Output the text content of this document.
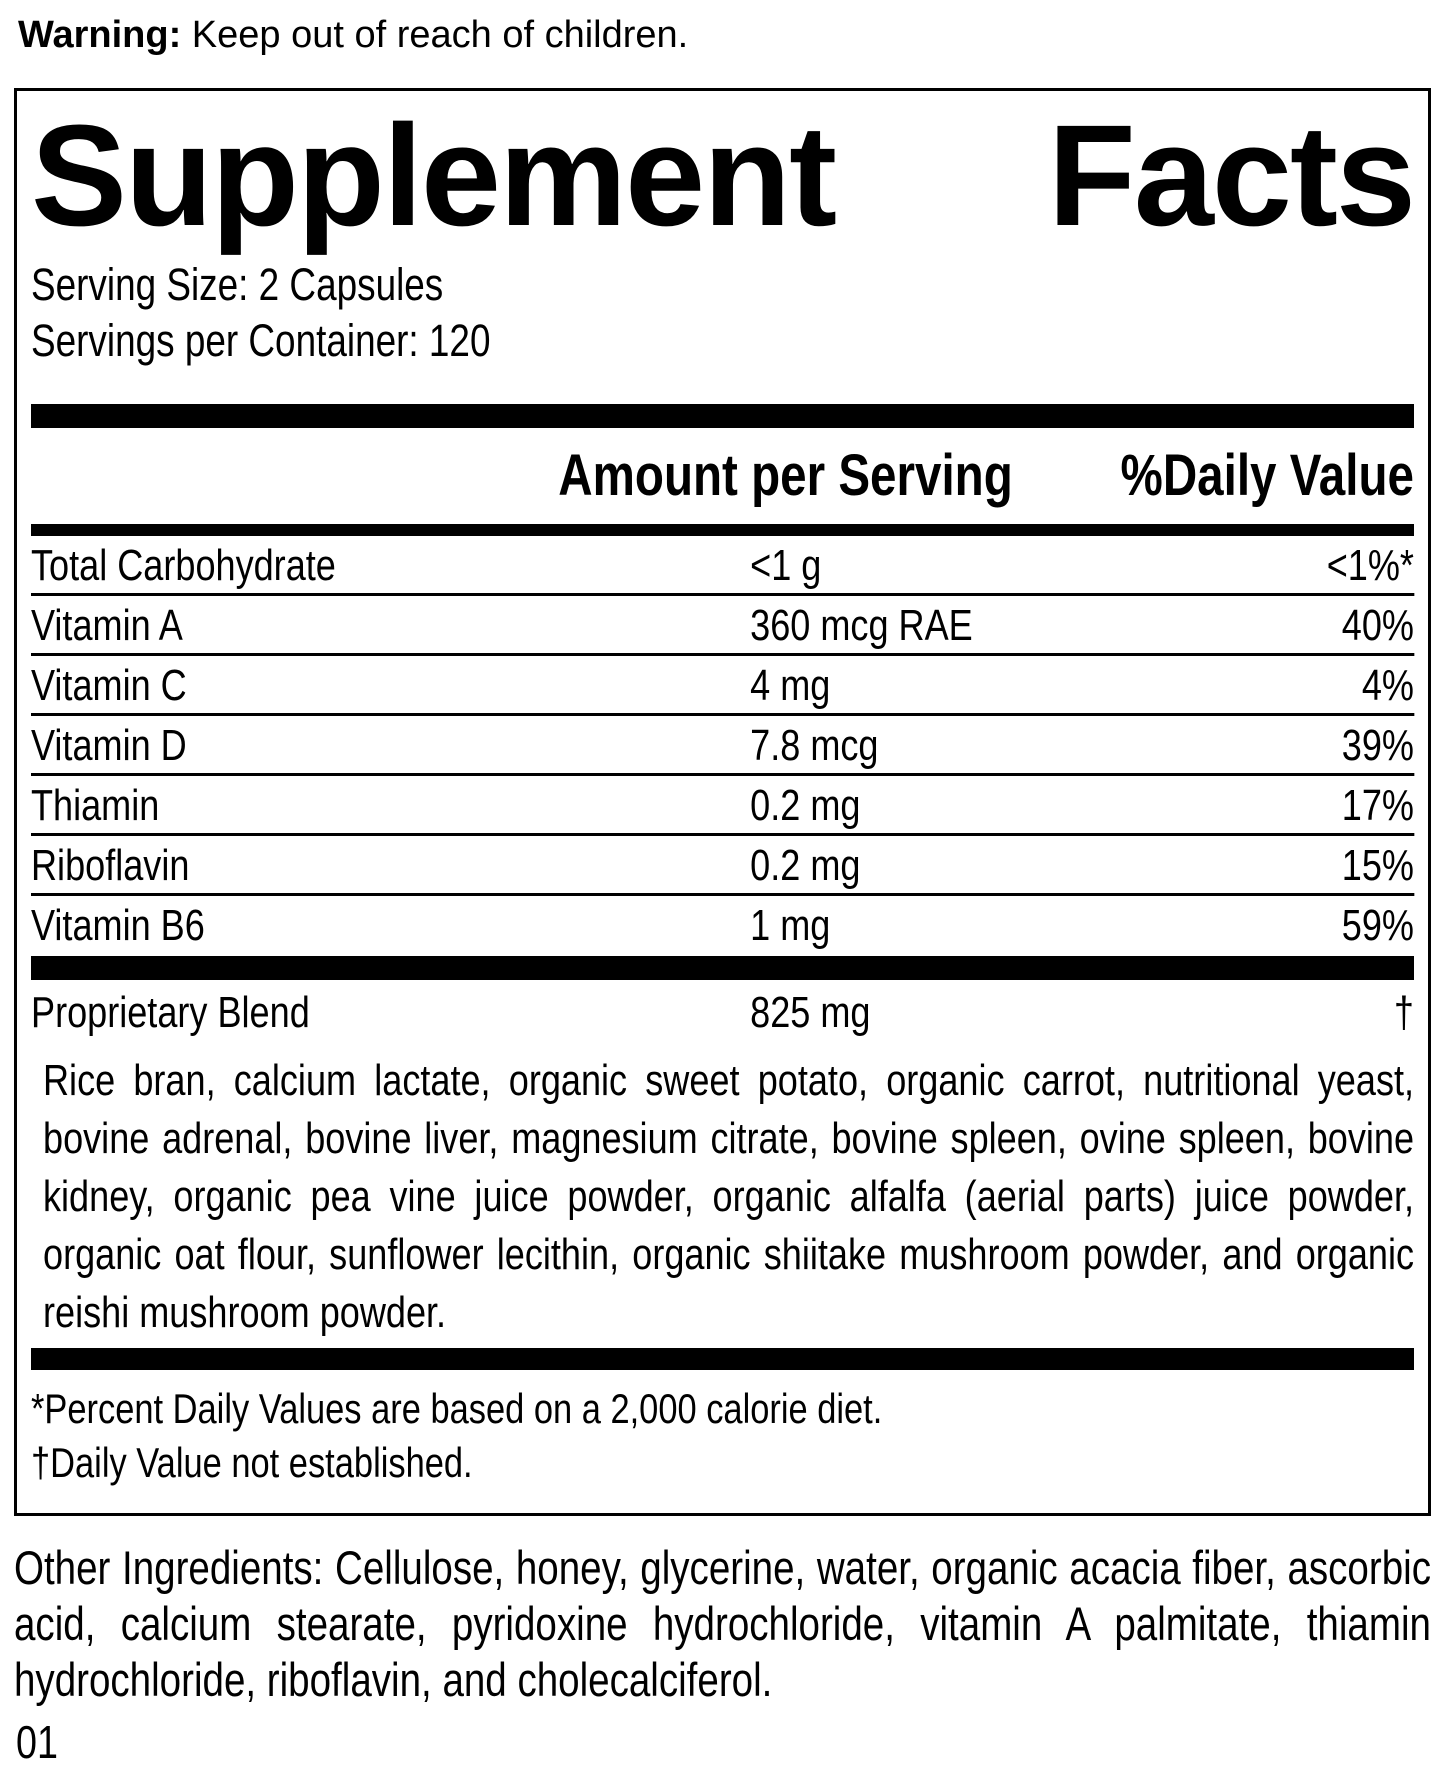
Warning: Keep out of reach of children.
Supplement Facts
Serving Size: 2 Capsules
Servings per Container: 120
Amount per Serving	%Daily Value
Total Carbohydrate	<1 g	<1%*
Vitamin A	360 mcg RAE	40%
Vitamin C	4 mg	4%
Vitamin D	7.8 mcg	39%
Thiamin	0.2 mg	17%
Riboflavin	0.2 mg	15%
Vitamin B6	1 mg	59%
Proprietary Blend	825 mg	†
Rice bran, calcium lactate, organic sweet potato, organic carrot, nutritional yeast, bovine adrenal, bovine liver, magnesium citrate, bovine spleen, ovine spleen, bovine kidney, organic pea vine juice powder, organic alfalfa (aerial parts) juice powder, organic oat flour, sunflower lecithin, organic shiitake mushroom powder, and organic reishi mushroom powder.
*Percent Daily Values are based on a 2,000 calorie diet.
†Daily Value not established.
Other Ingredients: Cellulose, honey, glycerine, water, organic acacia fiber, ascorbic acid, calcium stearate, pyridoxine hydrochloride, vitamin A palmitate, thiamin hydrochloride, riboflavin, and cholecalciferol.
01
